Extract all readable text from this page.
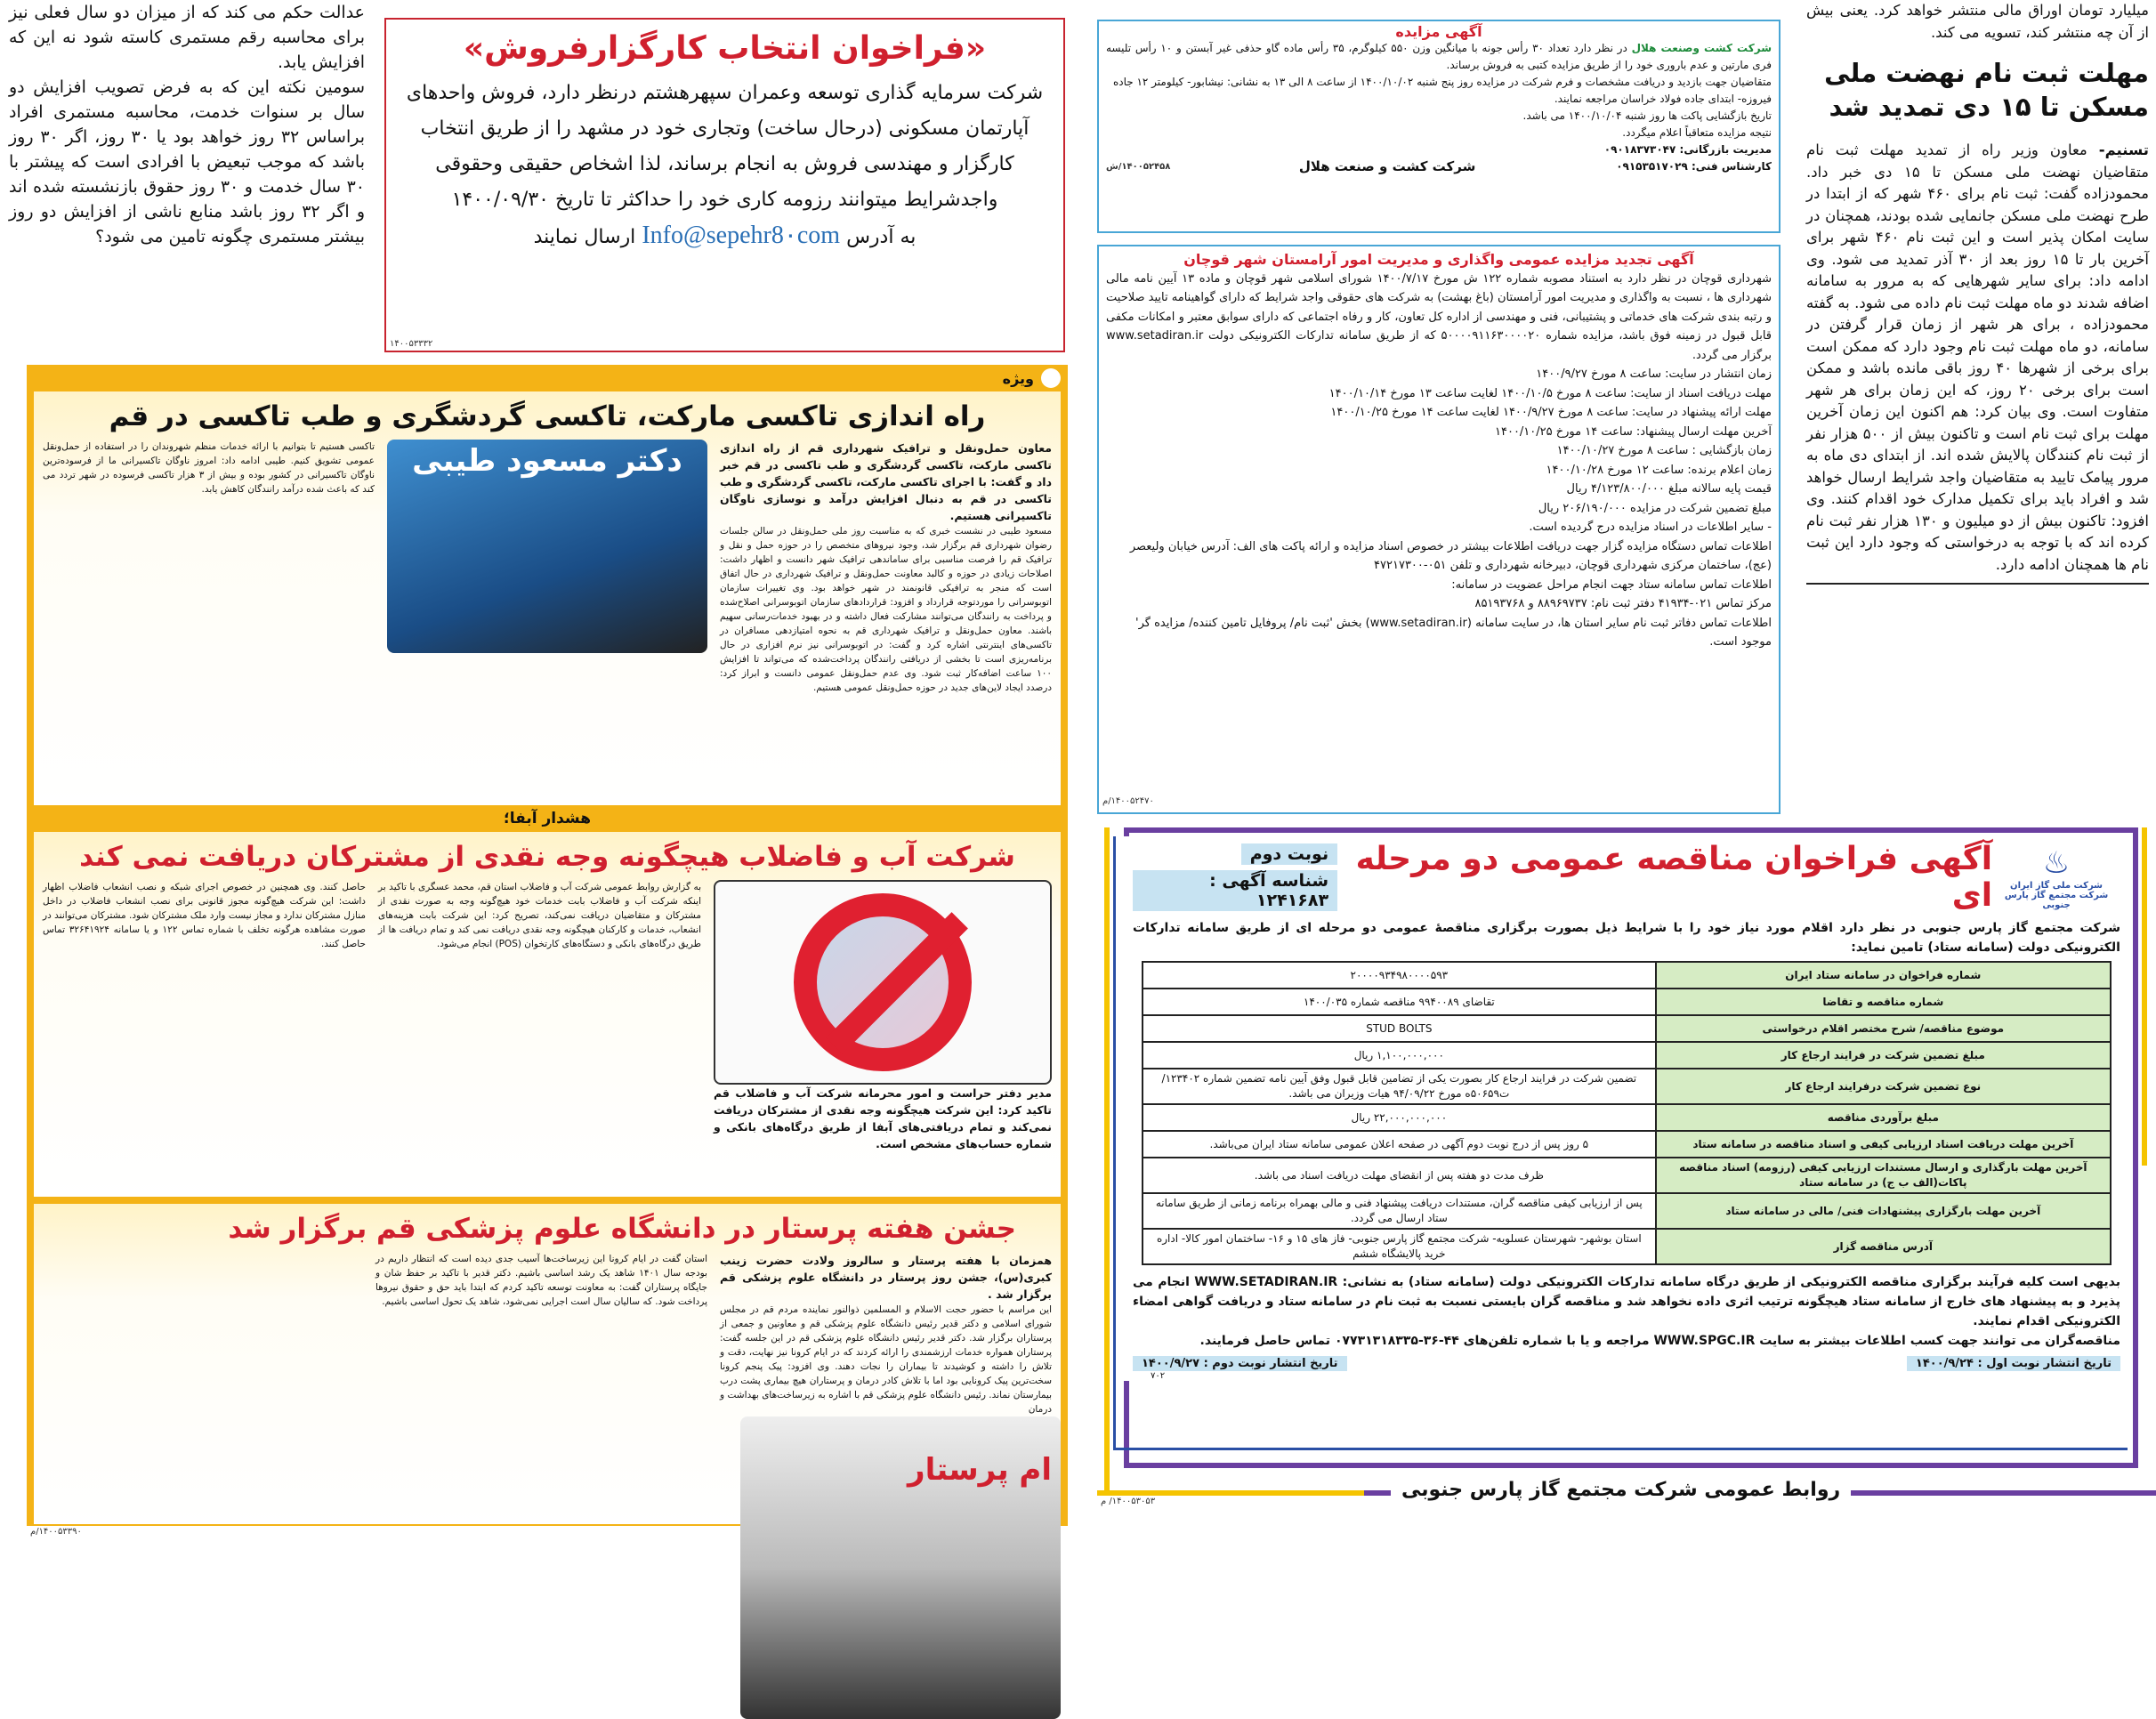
عدالت حکم می کند که از میزان دو سال فعلی نیز برای محاسبه رقم مستمری کاسته شود نه این که افزایش یابد.

سومین نکته این که به فرض تصویب افزایش دو سال بر سنوات خدمت، محاسبه مستمری افراد براساس ۳۲ روز خواهد بود یا ۳۰ روز، اگر ۳۰ روز باشد که موجب تبعیض با افرادی است که پیشتر با ۳۰ سال خدمت و ۳۰ روز حقوق بازنشسته شده اند و اگر ۳۲ روز باشد منابع ناشی از افزایش دو روز بیشتر مستمری چگونه تامین می شود؟

«فراخوان انتخاب کارگزارفروش»
شرکت سرمایه گذاری توسعه وعمران سپهرهشتم درنظر دارد، فروش واحدهای آپارتمان مسکونی (درحال ساخت) وتجاری خود در مشهد را از طریق انتخاب کارگزار و مهندسی فروش به انجام برساند، لذا اشخاص حقیقی وحقوقی واجدشرایط میتوانند رزومه کاری خود را حداکثر تا تاریخ ۱۴۰۰/۰۹/۳۰
به آدرس Info@sepehr8۰com ارسال نمایند
۱۴۰۰۵۳۳۳۲
آگهی مزایده

شرکت کشت وصنعت هلال در نظر دارد تعداد ۳۰ رأس جونه با میانگین وزن ۵۵۰ کیلوگرم، ۳۵ رأس ماده گاو حذفی غیر آبستن و ۱۰ رأس تلیسه فری مارتین و عدم باروری خود را از طریق مزایده کتبی به فروش برساند.

متقاضیان جهت بازدید و دریافت مشخصات و فرم شرکت در مزایده روز پنج شنبه ۱۴۰۰/۱۰/۰۲ از ساعت ۸ الی ۱۳ به نشانی: نیشابور- کیلومتر ۱۲ جاده فیروزه- ابتدای جاده فولاد خراسان مراجعه نمایند.
تاریخ بازگشایی پاکت ها روز شنبه ۱۴۰۰/۱۰/۰۴ می باشد.
نتیجه مزایده متعاقباً اعلام میگردد.
مدیریت بازرگانی: ۰۹۰۱۸۳۷۳۰۴۷
کارشناس فنی: ۰۹۱۵۳۵۱۷۰۲۹
شرکت کشت و صنعت هلال
۱۴۰۰۵۲۴۵۸/ش
آگهی تجدید مزایده عمومی واگذاری و مدیریت امور آرامستان شهر قوچان

شهرداری قوچان در نظر دارد به استناد مصوبه شماره ۱۲۲ ش مورخ ۱۴۰۰/۷/۱۷ شورای اسلامی شهر قوچان و ماده ۱۳ آیین نامه مالی شهرداری ها ، نسبت به واگذاری و مدیریت امور آرامستان (باغ بهشت) به شرکت های حقوقی واجد شرایط که دارای گواهینامه تایید صلاحیت و رتبه بندی شرکت های خدماتی و پشتیبانی، فنی و مهندسی از اداره کل تعاون، کار و رفاه اجتماعی که دارای سوابق معتبر و امکانات مکفی قابل قبول در زمینه فوق باشد، مزایده شماره ۵۰۰۰۰۹۱۱۶۳۰۰۰۰۲۰ که از طریق سامانه تدارکات الکترونیکی دولت www.setadiran.ir برگزار می گردد.

زمان انتشار در سایت: ساعت ۸ مورخ ۱۴۰۰/۹/۲۷
مهلت دریافت اسناد از سایت: ساعت ۸ مورخ ۱۴۰۰/۱۰/۵ لغایت ساعت ۱۳ مورخ ۱۴۰۰/۱۰/۱۴
مهلت ارائه پیشنهاد در سایت: ساعت ۸ مورخ ۱۴۰۰/۹/۲۷ لغایت ساعت ۱۴ مورخ ۱۴۰۰/۱۰/۲۵
آخرین مهلت ارسال پیشنهاد: ساعت ۱۴ مورخ ۱۴۰۰/۱۰/۲۵
زمان بازگشایی : ساعت ۸ مورخ ۱۴۰۰/۱۰/۲۷
زمان اعلام برنده: ساعت ۱۲ مورخ ۱۴۰۰/۱۰/۲۸
قیمت پایه سالانه مبلغ ۴/۱۲۳/۸۰۰/۰۰۰ ریال
مبلغ تضمین شرکت در مزایده ۲۰۶/۱۹۰/۰۰۰ ریال
- سایر اطلاعات در اسناد مزایده درج گردیده است.
اطلاعات تماس دستگاه مزایده گزار جهت دریافت اطلاعات بیشتر در خصوص اسناد مزایده و ارائه پاکت های الف: آدرس خیابان ولیعصر (عج)، ساختمان مرکزی شهرداری قوچان، دبیرخانه شهرداری و تلفن ۰۵۱-۴۷۲۱۷۳۰۰
اطلاعات تماس سامانه ستاد جهت انجام مراحل عضویت در سامانه:
مرکز تماس ۰۲۱-۴۱۹۳۴ دفتر ثبت نام: ۸۸۹۶۹۷۳۷ و ۸۵۱۹۳۷۶۸
اطلاعات تماس دفاتر ثبت نام سایر استان ها، در سایت سامانه (www.setadiran.ir) بخش 'ثبت نام/ پروفایل تامین کننده/ مزایده گر' موجود است.
۱۴۰۰۵۲۴۷۰/م

میلیارد تومان اوراق مالی منتشر خواهد کرد. یعنی بیش از آن چه منتشر کند، تسویه می کند.

مهلت ثبت نام نهضت ملی مسکن تا ۱۵ دی تمدید شد

تسنیم- معاون وزیر راه از تمدید مهلت ثبت نام متقاضیان نهضت ملی مسکن تا ۱۵ دی خبر داد. محمودزاده گفت: ثبت نام برای ۴۶۰ شهر که از ابتدا در طرح نهضت ملی مسکن جانمایی شده بودند، همچنان در سایت امکان پذیر است و این ثبت نام ۴۶۰ شهر برای آخرین بار تا ۱۵ روز بعد از ۳۰ آذر تمدید می شود. وی ادامه داد: برای سایر شهرهایی که به مرور به سامانه اضافه شدند دو ماه مهلت ثبت نام داده می شود. به گفته محمودزاده ، برای هر شهر از زمان قرار گرفتن در سامانه، دو ماه مهلت ثبت نام وجود دارد که ممکن است برای برخی از شهرها ۴۰ روز باقی مانده باشد و ممکن است برای برخی ۲۰ روز، که این زمان برای هر شهر متفاوت است. وی بیان کرد: هم اکنون این زمان آخرین مهلت برای ثبت نام است و تاکنون بیش از ۵۰۰ هزار نفر از ثبت نام کنندگان پالایش شده اند. از ابتدای دی ماه به مرور پیامک تایید به متقاضیان واجد شرایط ارسال خواهد شد و افراد باید برای تکمیل مدارک خود اقدام کنند. وی افزود: تاکنون بیش از دو میلیون و ۱۳۰ هزار نفر ثبت نام کرده اند که با توجه به درخواستی که وجود دارد این ثبت نام ها همچنان ادامه دارد.

ویژه
راه اندازی تاکسی مارکت، تاکسی گردشگری و طب تاکسی در قم

معاون حمل‌ونقل و ترافیک شهرداری قم از راه اندازی تاکسی مارکت، تاکسی گردشگری و طب تاکسی در قم خبر داد و گفت: با اجرای تاکسی مارکت، تاکسی گردشگری و طب تاکسی در قم به دنبال افزایش درآمد و نوسازی ناوگان تاکسیرانی هستیم.

مسعود طیبی در نشست خبری که به مناسبت روز ملی حمل‌ونقل در سالن جلسات رضوان شهرداری قم برگزار شد، وجود نیروهای متخصص را در حوزه حمل و نقل و ترافیک قم را فرصت مناسبی برای ساماندهی ترافیک شهر دانست و اظهار داشت: اصلاحات زیادی در حوزه و کالبد معاونت حمل‌ونقل و ترافیک شهرداری در حال اتفاق است که منجر به ترافیکی قانونمند در شهر خواهد بود. وی تغییرات سازمان اتوبوسرانی را موردتوجه قرارداد و افزود: قراردادهای سازمان اتوبوسرانی اصلاح‌شده و پرداخت به رانندگان می‌توانند مشارکت فعال داشته و در بهبود خدمات‌رسانی سهیم باشند. معاون حمل‌ونقل و ترافیک شهرداری قم به نحوه امتیازدهی مسافران در تاکسی‌های اینترنتی اشاره کرد و گفت: در اتوبوسرانی نیز نرم افزاری در حال برنامه‌ریزی است تا بخشی از دریافتی رانندگان پرداخت‌شده که می‌تواند تا افزایش ۱۰۰ ساعت اضافه‌کار ثبت شود. وی عدم حمل‌ونقل عمومی دانست و ابراز کرد: درصدد ایجاد لاین‌های جدید در حوزه حمل‌ونقل عمومی هستیم.

دکتر مسعود طیبی

تاکسی هستیم تا بتوانیم با ارائه خدمات منظم شهروندان را در استفاده از حمل‌ونقل عمومی تشویق کنیم. طیبی ادامه داد: امروز ناوگان تاکسیرانی ما از فرسوده‌ترین ناوگان تاکسیرانی در کشور بوده و بیش از ۳ هزار تاکسی فرسوده در شهر تردد می کند که باعث شده درآمد رانندگان کاهش یابد.

هشدار آبفا؛
شرکت آب و فاضلاب هیچگونه وجه نقدی از مشترکان دریافت نمی کند

مدیر دفتر حراست و امور محرمانه شرکت آب و فاضلاب قم تاکید کرد: این شرکت هیچگونه وجه نقدی از مشترکان دریافت نمی‌کند و تمام دریافتی‌های آبفا از طریق درگاه‌های بانکی و شماره حساب‌های مشخص است.

به گزارش روابط عمومی شرکت آب و فاضلاب استان قم، محمد عسگری با تاکید بر اینکه شرکت آب و فاضلاب بابت خدمات خود هیچ‌گونه وجه به صورت نقدی از مشترکان و متقاضیان دریافت نمی‌کند، تصریح کرد: این شرکت بابت هزینه‌های انشعاب، خدمات و کارکنان هیچگونه وجه نقدی دریافت نمی کند و تمام دریافت ها از طریق درگاه‌های بانکی و دستگاه‌های کارتخوان (POS) انجام می‌شود.

حاصل کنند. وی همچنین در خصوص اجرای شبکه و نصب انشعاب فاضلاب اظهار داشت: این شرکت هیچ‌گونه مجوز قانونی برای نصب انشعاب فاضلاب در داخل منازل مشترکان ندارد و مجاز نیست وارد ملک مشترکان شود. مشترکان می‌توانند در صورت مشاهده هرگونه تخلف با شماره تماس ۱۲۲ و یا سامانه ۳۲۶۴۱۹۲۴ تماس حاصل کنند.

جشن هفته پرستار در دانشگاه علوم پزشکی قم برگزار شد

همزمان با هفته پرستار و سالروز ولادت حضرت زینب کبری(س)، جشن روز پرستار در دانشگاه علوم پزشکی قم برگزار شد .

این مراسم با حضور حجت الاسلام و المسلمین ذوالنور نماینده مردم قم در مجلس شورای اسلامی و دکتر قدیر رئیس دانشگاه علوم پزشکی قم و معاونین و جمعی از پرستاران برگزار شد. دکتر قدیر رئیس دانشگاه علوم پزشکی قم در این جلسه گفت: پرستاران همواره خدمات ارزشمندی را ارائه کردند که در ایام کرونا نیز نهایت، دقت و تلاش را داشته و کوشیدند تا بیماران را نجات دهند. وی افزود: پیک پنجم کرونا سخت‌ترین پیک کرونایی بود اما با تلاش کادر درمان و پرستاران هیچ بیماری پشت درب بیمارستان نماند. رئیس دانشگاه علوم پزشکی قم با اشاره به زیرساخت‌های بهداشت و درمان

استان گفت در ایام کرونا این زیرساخت‌ها آسیب جدی دیده است که انتظار داریم در بودجه سال ۱۴۰۱ شاهد یک رشد اساسی باشیم. دکتر قدیر با تاکید بر حفظ شان و جایگاه پرستاران گفت: به معاونت توسعه تاکید کردم که ابتدا باید حق و حقوق نیروها پرداخت شود. که سالیان سال است اجرایی نمی‌شود، شاهد یک تحول اساسی باشیم.

ام پرستار
۱۴۰۰۵۳۳۹۰/م
♨
شرکت ملی گاز ایران
شرکت مجتمع گاز پارس جنوبی
آگهی فراخوان مناقصه عمومی دو مرحله ای
نوبت دوم
شناسه آگهی : ۱۲۴۱۶۸۳

شرکت مجتمع گاز پارس جنوبی در نظر دارد اقلام مورد نیاز خود را با شرایط ذیل بصورت برگزاری مناقصهٔ عمومی دو مرحله ای از طریق سامانه تدارکات الکترونیکی دولت (سامانه ستاد) تامین نماید:

شماره فراخوان در سامانه ستاد ایران	۲۰۰۰۰۹۳۴۹۸۰۰۰۰۵۹۳
شماره مناقصه و تقاضا	تقاضای ۹۹۴۰۰۸۹ مناقصه شماره ۱۴۰۰/۰۳۵
موضوع مناقصه/ شرح مختصر اقلام درخواستی	STUD BOLTS
مبلغ تضمین شرکت در فرایند ارجاع کار	۱,۱۰۰,۰۰۰,۰۰۰ ریال
نوع تضمین شرکت درفرایند ارجاع کار	تضمین شرکت در فرایند ارجاع کار بصورت یکی از تضامین قابل قبول وفق آیین نامه تضمین شماره ۱۲۳۴۰۲/ت۵۰۶۵۹ه مورخ ۹۴/۰۹/۲۲ هیات وزیران می باشد.
مبلغ برآوردی مناقصه	۲۲,۰۰۰,۰۰۰,۰۰۰ ریال
آخرین مهلت دریافت اسناد ارزیابی کیفی و اسناد مناقصه در سامانه ستاد	۵ روز پس از درج نوبت دوم آگهی در صفحه اعلان عمومی سامانه ستاد ایران می‌باشد.
آخرین مهلت بارگذاری و ارسال مستندات ارزیابی کیفی (رزومه) اسناد مناقصه پاکات(الف ب ج) در سامانه ستاد	ظرف مدت دو هفته پس از انقضای مهلت دریافت اسناد می باشد.
آخرین مهلت بارگزاری پیشنهادات فنی/ مالی در سامانه ستاد	پس از ارزیابی کیفی مناقصه گران، مستندات دریافت پیشنهاد فنی و مالی بهمراه برنامه زمانی از طریق سامانه ستاد ارسال می گردد.
آدرس مناقصه گزار	استان بوشهر- شهرستان عسلویه- شرکت مجتمع گاز پارس جنوبی- فاز های ۱۵ و ۱۶- ساختمان امور کالا- اداره خرید پالایشگاه ششم

بدیهی است کلیه فرآیند برگزاری مناقصه الکترونیکی از طریق درگاه سامانه تدارکات الکترونیکی دولت (سامانه ستاد) به نشانی: WWW.SETADIRAN.IR انجام می پذیرد و به پیشنهاد های خارج از سامانه ستاد هیچگونه ترتیب اثری داده نخواهد شد و مناقصه گران بایستی نسبت به ثبت نام در سامانه ستاد و دریافت گواهی امضاء الکترونیکی اقدام نمایند.

مناقصه‌گران می توانند جهت کسب اطلاعات بیشتر به سایت WWW.SPGC.IR مراجعه و یا با شماره تلفن‌های ۴۴-۳۶-۰۷۷۳۱۳۱۸۳۳۵ تماس حاصل فرمایند.

تاریخ انتشار نوبت اول : ۱۴۰۰/۹/۲۴
تاریخ انتشار نوبت دوم : ۱۴۰۰/۹/۲۷
۷۰۲
روابط عمومی شرکت مجتمع گاز پارس جنوبی
۱۴۰۰۵۳۰۵۳/ م
